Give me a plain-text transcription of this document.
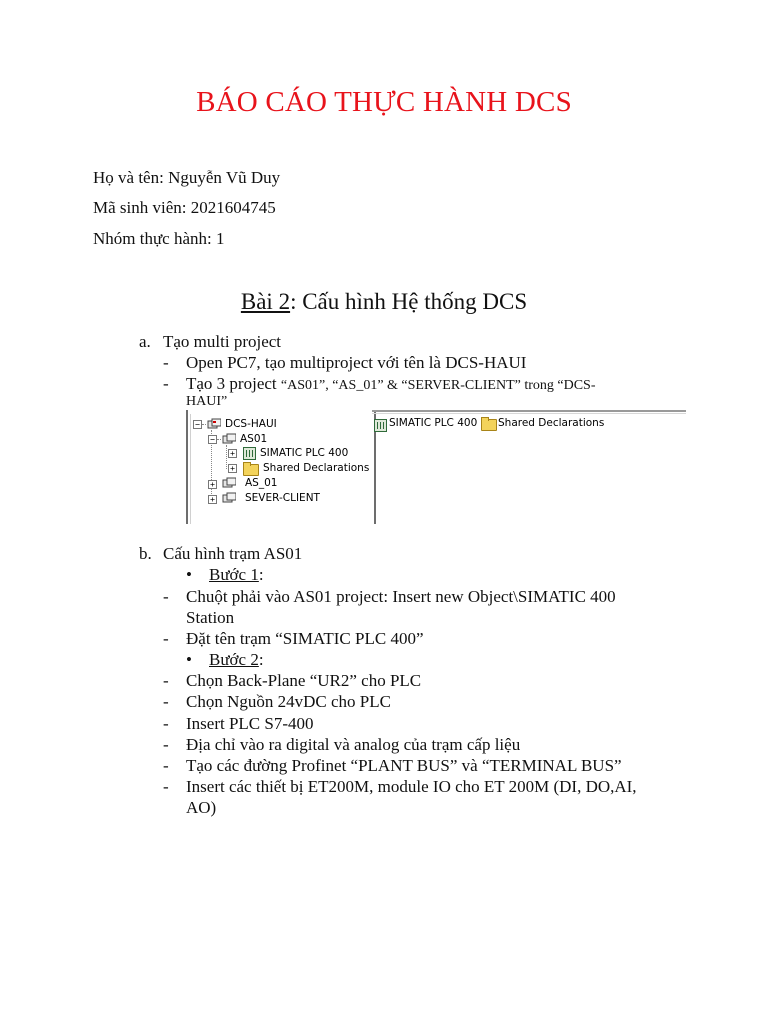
BÁO CÁO THỰC HÀNH DCS
Họ và tên: Nguyễn Vũ Duy
Mã sinh viên: 2021604745
Nhóm thực hành: 1
Bài 2: Cấu hình Hệ thống DCS
a. Tạo multi project
- Open PC7, tạo multiproject với tên là DCS-HAUI
- Tạo 3 project “AS01”, “AS_01” & “SERVER-CLIENT” trong “DCS-
HAUI”
− DCS-HAUI
− AS01
+ SIMATIC PLC 400
+	Shared Declarations
+	AS_01
+	SEVER-CLIENT
SIMATIC PLC 400 Shared Declarations
b. Cấu hình trạm AS01
• Bước 1:
- Chuột phải vào AS01 project: Insert new Object\SIMATIC 400
Station
- Đặt tên trạm “SIMATIC PLC 400”
• Bước 2:
- Chọn Back-Plane “UR2” cho PLC
- Chọn Nguồn 24vDC cho PLC
- Insert PLC S7-400
- Địa chỉ vào ra digital và analog của trạm cấp liệu
- Tạo các đường Profinet “PLANT BUS” và “TERMINAL BUS”
- Insert các thiết bị ET200M, module IO cho ET 200M (DI, DO,AI,
AO)
